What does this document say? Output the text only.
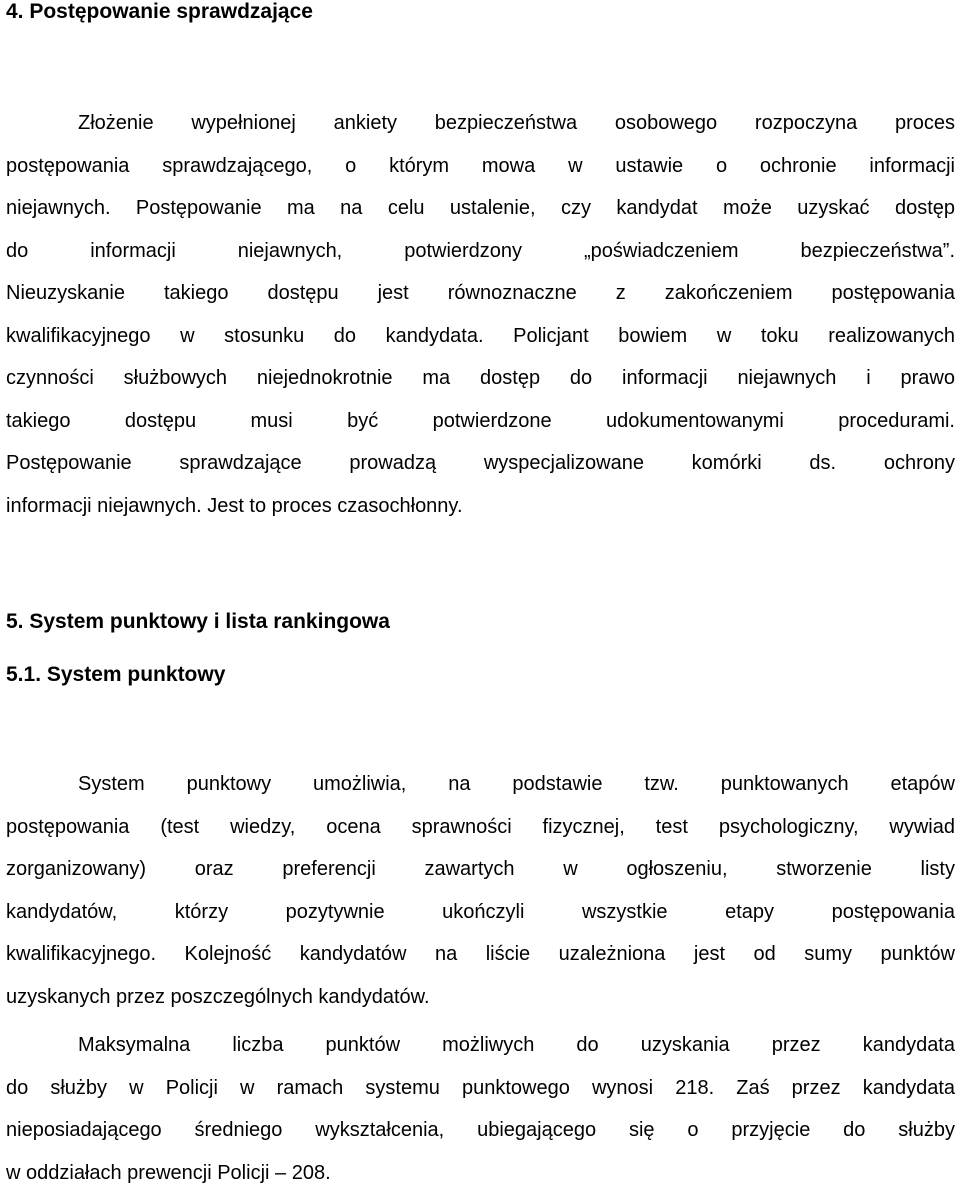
4. Postępowanie sprawdzające
Złożenie wypełnionej ankiety bezpieczeństwa osobowego rozpoczyna proces
postępowania sprawdzającego, o którym mowa w ustawie o ochronie informacji
niejawnych. Postępowanie ma na celu ustalenie, czy kandydat może uzyskać dostęp
do informacji niejawnych, potwierdzony „poświadczeniem bezpieczeństwa”.
Nieuzyskanie takiego dostępu jest równoznaczne z zakończeniem postępowania
kwalifikacyjnego w stosunku do kandydata. Policjant bowiem w toku realizowanych
czynności służbowych niejednokrotnie ma dostęp do informacji niejawnych i prawo
takiego dostępu musi być potwierdzone udokumentowanymi procedurami.
Postępowanie sprawdzające prowadzą wyspecjalizowane komórki ds. ochrony
informacji niejawnych. Jest to proces czasochłonny.
5. System punktowy i lista rankingowa
5.1. System punktowy
System punktowy umożliwia, na podstawie tzw. punktowanych etapów
postępowania (test wiedzy, ocena sprawności fizycznej, test psychologiczny, wywiad
zorganizowany) oraz preferencji zawartych w ogłoszeniu, stworzenie listy
kandydatów, którzy pozytywnie ukończyli wszystkie etapy postępowania
kwalifikacyjnego. Kolejność kandydatów na liście uzależniona jest od sumy punktów
uzyskanych przez poszczególnych kandydatów.
Maksymalna liczba punktów możliwych do uzyskania przez kandydata
do służby w Policji w ramach systemu punktowego wynosi 218. Zaś przez kandydata
nieposiadającego średniego wykształcenia, ubiegającego się o przyjęcie do służby
w oddziałach prewencji Policji – 208.
